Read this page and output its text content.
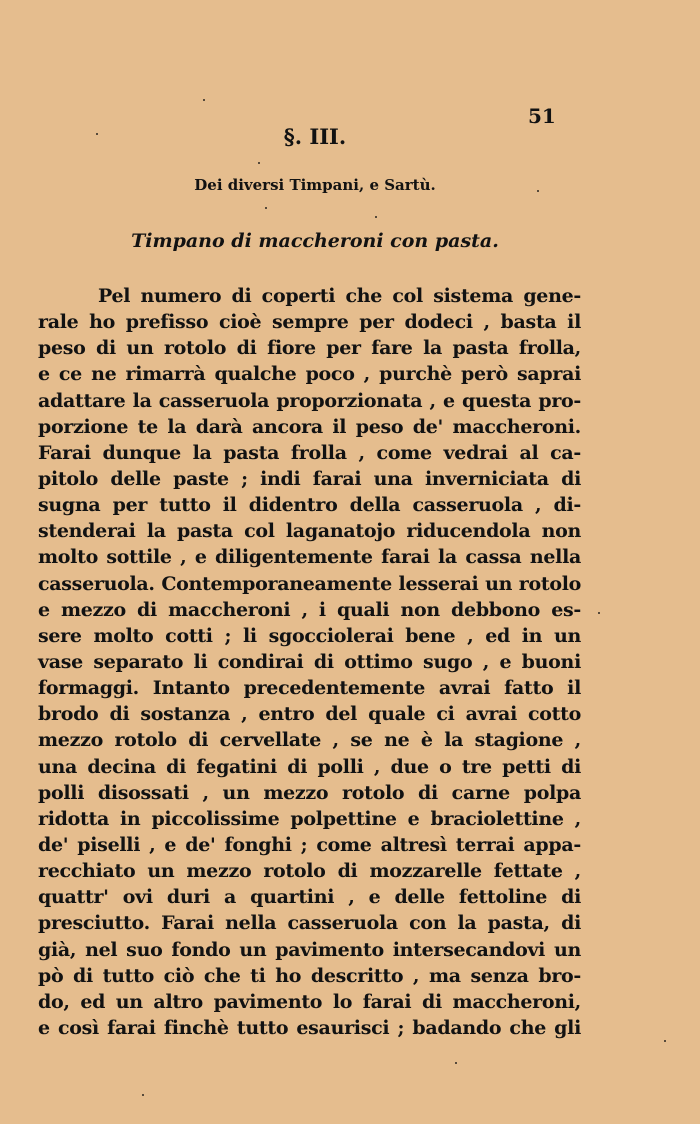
51
§. III.
Dei diversi Timpani, e Sartù.
Timpano di maccheroni con pasta.
Pel numero di coperti che col sistema gene-
rale ho prefisso cioè sempre per dodeci , basta il
peso di un rotolo di fiore per fare la pasta frolla,
e ce ne rimarrà qualche poco , purchè però saprai
adattare la casseruola proporzionata , e questa pro-
porzione te la darà ancora il peso de' maccheroni.
Farai dunque la pasta frolla , come vedrai al ca-
pitolo delle paste ; indi farai una inverniciata di
sugna per tutto il didentro della casseruola , di-
stenderai la pasta col laganatojo riducendola non
molto sottile , e diligentemente farai la cassa nella
casseruola. Contemporaneamente lesserai un rotolo
e mezzo di maccheroni , i quali non debbono es-
sere molto cotti ; li sgocciolerai bene , ed in un
vase separato li condirai di ottimo sugo , e buoni
formaggi. Intanto precedentemente avrai fatto il
brodo di sostanza , entro del quale ci avrai cotto
mezzo rotolo di cervellate , se ne è la stagione ,
una decina di fegatini di polli , due o tre petti di
polli disossati , un mezzo rotolo di carne polpa
ridotta in piccolissime polpettine e braciolettine ,
de' piselli , e de' fonghi ; come altresì terrai appa-
recchiato un mezzo rotolo di mozzarelle fettate ,
quattr' ovi duri a quartini , e delle fettoline di
presciutto. Farai nella casseruola con la pasta, di
già, nel suo fondo un pavimento intersecandovi un
pò di tutto ciò che ti ho descritto , ma senza bro-
do, ed un altro pavimento lo farai di maccheroni,
e così farai finchè tutto esaurisci ; badando che gli
